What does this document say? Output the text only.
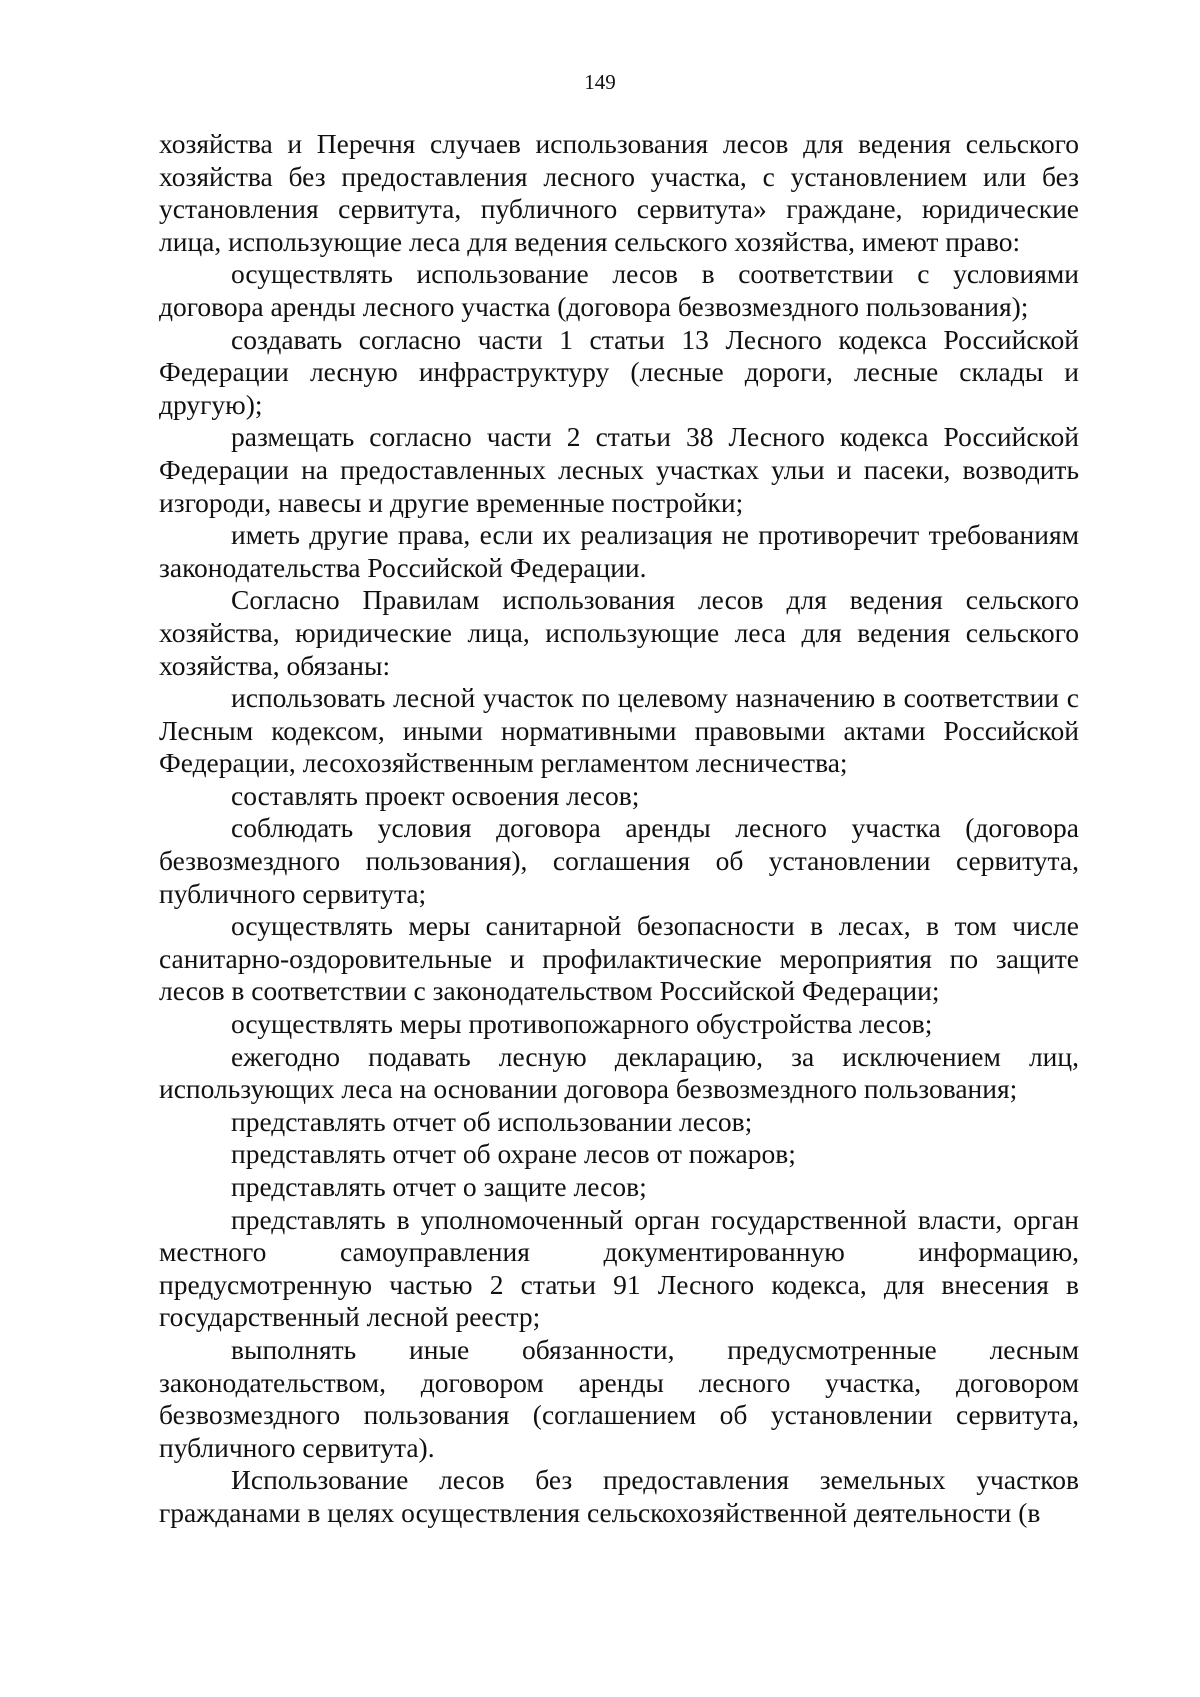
149

хозяйства и Перечня случаев использования лесов для ведения сельского хозяйства без предоставления лесного участка, с установлением или без установления сервитута, публичного сервитута» граждане, юридические лица, использующие леса для ведения сельского хозяйства, имеют право:

осуществлять использование лесов в соответствии с условиями договора аренды лесного участка (договора безвозмездного пользования);

создавать согласно части 1 статьи 13 Лесного кодекса Российской Федерации лесную инфраструктуру (лесные дороги, лесные склады и другую);

размещать согласно части 2 статьи 38 Лесного кодекса Российской Федерации на предоставленных лесных участках ульи и пасеки, возводить изгороди, навесы и другие временные постройки;

иметь другие права, если их реализация не противоречит требованиям законодательства Российской Федерации.

Согласно Правилам использования лесов для ведения сельского хозяйства, юридические лица, использующие леса для ведения сельского хозяйства, обязаны:

использовать лесной участок по целевому назначению в соответствии с Лесным кодексом, иными нормативными правовыми актами Российской Федерации, лесохозяйственным регламентом лесничества;

составлять проект освоения лесов;

соблюдать условия договора аренды лесного участка (договора безвозмездного пользования), соглашения об установлении сервитута, публичного сервитута;

осуществлять меры санитарной безопасности в лесах, в том числе санитарно-оздоровительные и профилактические мероприятия по защите лесов в соответствии с законодательством Российской Федерации;

осуществлять меры противопожарного обустройства лесов;

ежегодно подавать лесную декларацию, за исключением лиц, использующих леса на основании договора безвозмездного пользования;

представлять отчет об использовании лесов;

представлять отчет об охране лесов от пожаров;

представлять отчет о защите лесов;

представлять в уполномоченный орган государственной власти, орган местного самоуправления документированную информацию, предусмотренную частью 2 статьи 91 Лесного кодекса, для внесения в государственный лесной реестр;

выполнять иные обязанности, предусмотренные лесным законодательством, договором аренды лесного участка, договором безвозмездного пользования (соглашением об установлении сервитута, публичного сервитута).

Использование лесов без предоставления земельных участков гражданами в целях осуществления сельскохозяйственной деятельности (в
